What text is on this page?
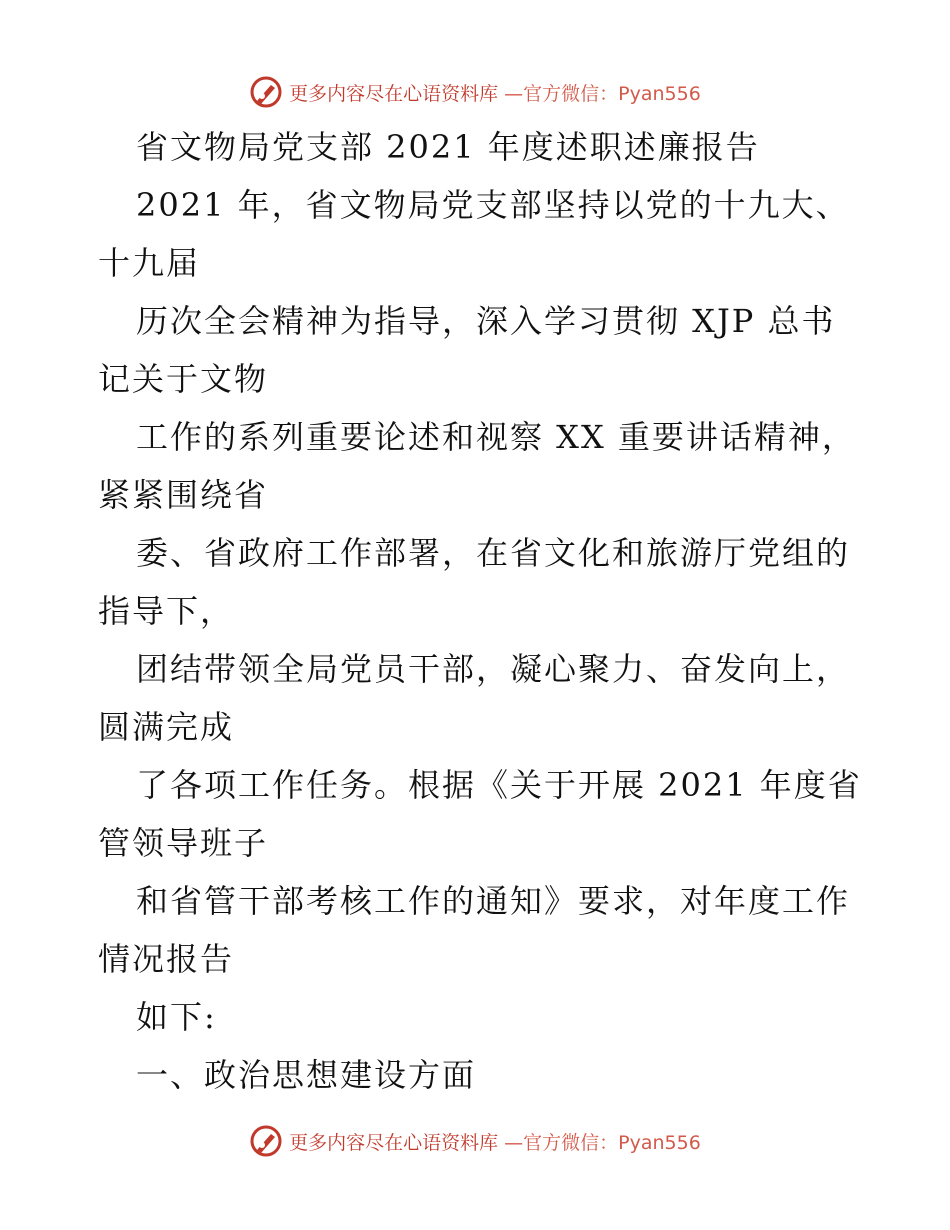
更多内容尽在心语资料库 —官方微信：Pyan556
省文物局党支部 2021 年度述职述廉报告
2021 年，省文物局党支部坚持以党的十九大、
十九届
历次全会精神为指导，深入学习贯彻 XJP 总书
记关于文物
工作的系列重要论述和视察 XX 重要讲话精神，
紧紧围绕省
委、省政府工作部署，在省文化和旅游厅党组的
指导下，
团结带领全局党员干部，凝心聚力、奋发向上，
圆满完成
了各项工作任务。根据《关于开展 2021 年度省
管领导班子
和省管干部考核工作的通知》要求，对年度工作
情况报告
如下:
一、政治思想建设方面
更多内容尽在心语资料库 —官方微信：Pyan556
